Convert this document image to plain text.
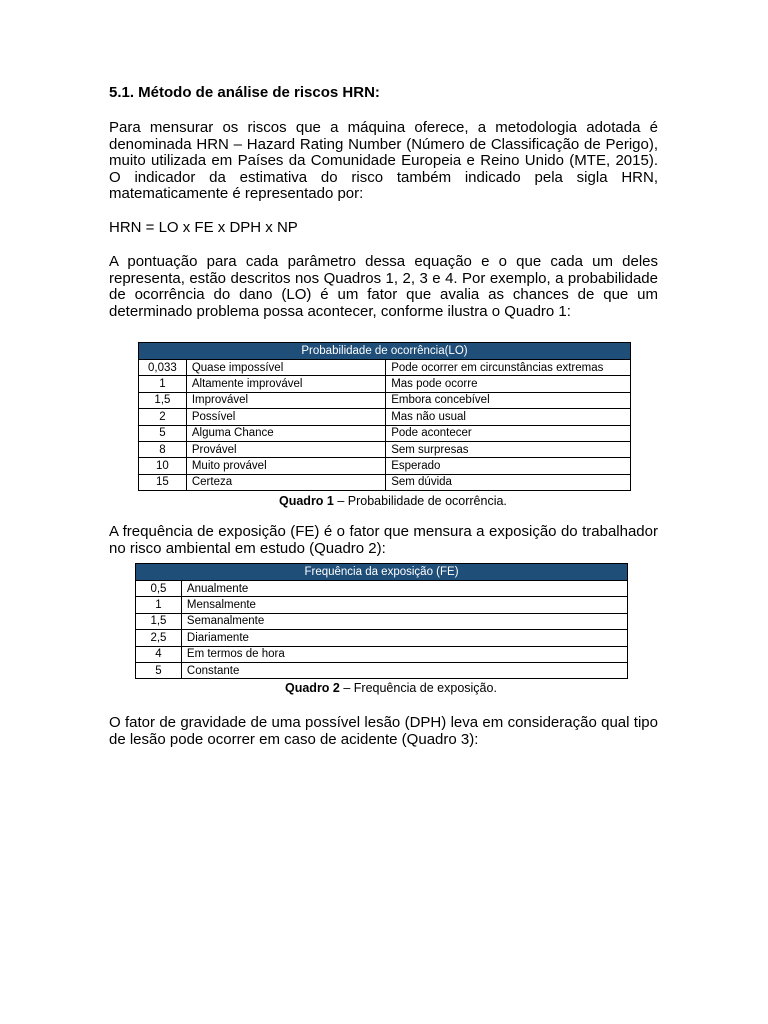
5.1. Método de análise de riscos HRN:

Para mensurar os riscos que a máquina oferece, a metodologia adotada é denominada HRN – Hazard Rating Number (Número de Classificação de Perigo), muito utilizada em Países da Comunidade Europeia e Reino Unido (MTE, 2015). O indicador da estimativa do risco também indicado pela sigla HRN, matematicamente é representado por:

HRN = LO x FE x DPH x NP

A pontuação para cada parâmetro dessa equação e o que cada um deles representa, estão descritos nos Quadros 1, 2, 3 e 4. Por exemplo, a probabilidade de ocorrência do dano (LO) é um fator que avalia as chances de que um determinado problema possa acontecer, conforme ilustra o Quadro 1:

A frequência de exposição (FE) é o fator que mensura a exposição do trabalhador no risco ambiental em estudo (Quadro 2):

O fator de gravidade de uma possível lesão (DPH) leva em consideração qual tipo de lesão pode ocorrer em caso de acidente (Quadro 3):

Probabilidade de ocorrência(LO)		
0,033	Quase impossível	Pode ocorrer em circunstâncias extremas
1	Altamente improvável	Mas pode ocorre
1,5	Improvável	Embora concebível
2	Possível	Mas não usual
5	Alguma Chance	Pode acontecer
8	Provável	Sem surpresas
10	Muito provável	Esperado
15	Certeza	Sem dúvida
Quadro 1 – Probabilidade de ocorrência.
Frequência da exposição (FE)	
0,5	Anualmente
1	Mensalmente
1,5	Semanalmente
2,5	Diariamente
4	Em termos de hora
5	Constante
Quadro 2 – Frequência de exposição.
